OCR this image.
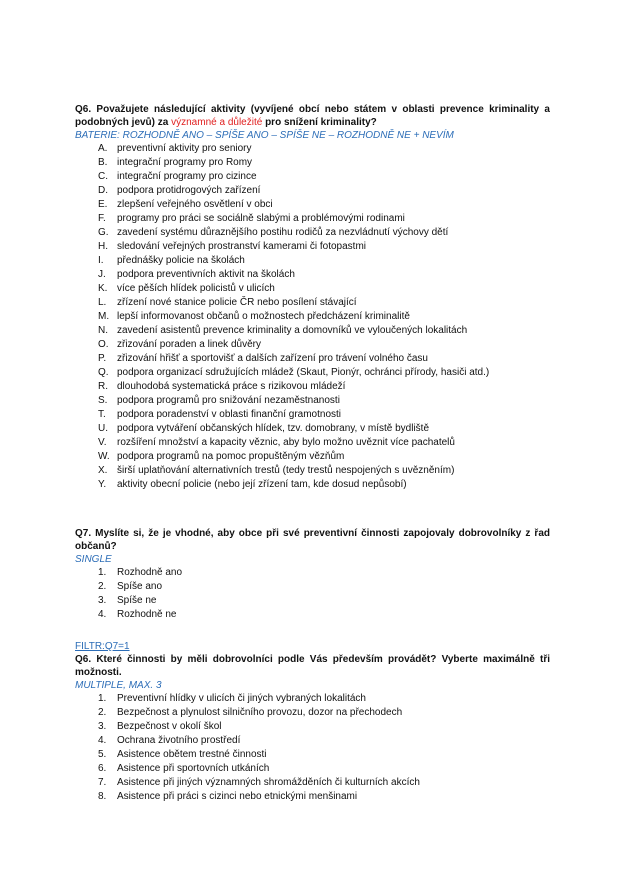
Q6. Považujete následující aktivity (vyvíjené obcí nebo státem v oblasti prevence kriminality a podobných jevů) za významné a důležité pro snížení kriminality?

BATERIE: ROZHODNĚ ANO – SPÍŠE ANO – SPÍŠE NE – ROZHODNĚ NE + NEVÍM

A. preventivní aktivity pro seniory
B. integrační programy pro Romy
C. integrační programy pro cizince
D. podpora protidrogových zařízení
E. zlepšení veřejného osvětlení v obci
F. programy pro práci se sociálně slabými a problémovými rodinami
G. zavedení systému důraznějšího postihu rodičů za nezvládnutí výchovy dětí
H. sledování veřejných prostranství kamerami či fotopastmi
I. přednášky policie na školách
J. podpora preventivních aktivit na školách
K. více pěších hlídek policistů v ulicích
L. zřízení nové stanice policie ČR nebo posílení stávající
M. lepší informovanost občanů o možnostech předcházení kriminalitě
N. zavedení asistentů prevence kriminality a domovníků ve vyloučených lokalitách
O. zřizování poraden a linek důvěry
P. zřizování hřišť a sportovišť a dalších zařízení pro trávení volného času
Q. podpora organizací sdružujících mládež (Skaut, Pionýr, ochránci přírody, hasiči atd.)
R. dlouhodobá systematická práce s rizikovou mládeží
S. podpora programů pro snižování nezaměstnanosti
T. podpora poradenství v oblasti finanční gramotnosti
U. podpora vytváření občanských hlídek, tzv. domobrany, v místě bydliště
V. rozšíření množství a kapacity věznic, aby bylo možno uvěznit více pachatelů
W. podpora programů na pomoc propuštěným vězňům
X. širší uplatňování alternativních trestů (tedy trestů nespojených s uvězněním)
Y. aktivity obecní policie (nebo její zřízení tam, kde dosud nepůsobí)

Q7. Myslíte si, že je vhodné, aby obce při své preventivní činnosti zapojovaly dobrovolníky z řad občanů?

SINGLE

1. Rozhodně ano
2. Spíše ano
3. Spíše ne
4. Rozhodně ne

FILTR:Q7=1

Q6. Které činnosti by měli dobrovolníci podle Vás především provádět? Vyberte maximálně tři možnosti.

MULTIPLE, MAX. 3

1. Preventivní hlídky v ulicích či jiných vybraných lokalitách
2. Bezpečnost a plynulost silničního provozu, dozor na přechodech
3. Bezpečnost v okolí škol
4. Ochrana životního prostředí
5. Asistence obětem trestné činnosti
6. Asistence při sportovních utkáních
7. Asistence při jiných významných shromážděních či kulturních akcích
8. Asistence při práci s cizinci nebo etnickými menšinami
